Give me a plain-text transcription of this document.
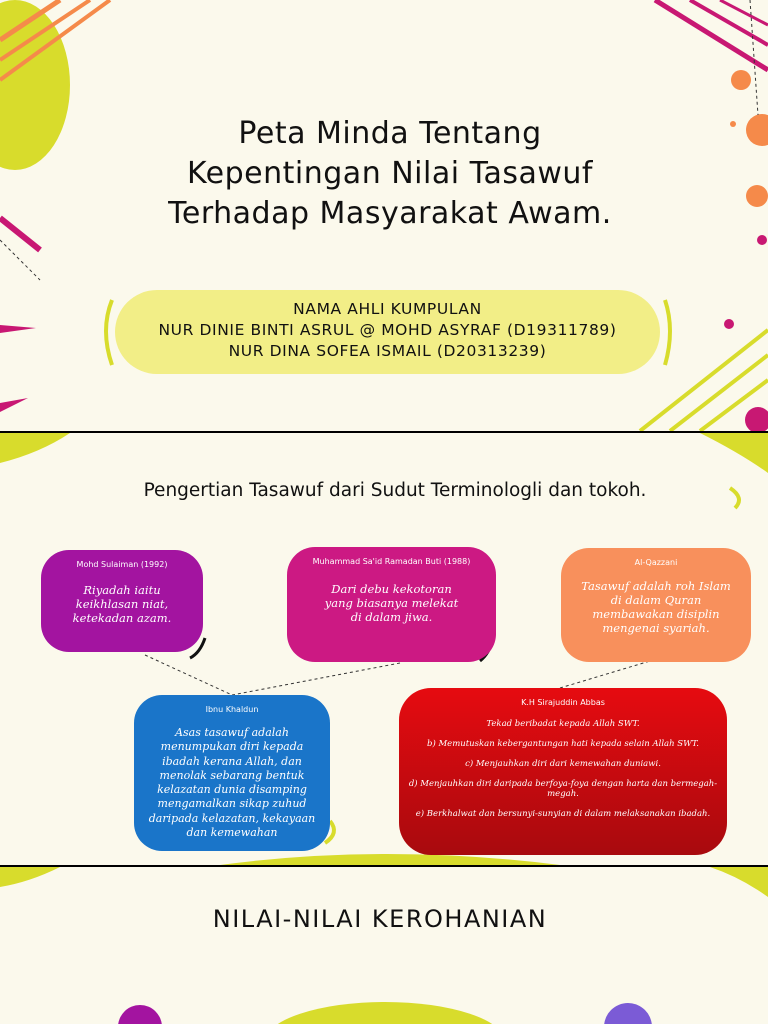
Peta Minda Tentang
Kepentingan Nilai Tasawuf
Terhadap Masyarakat Awam.
NAMA AHLI KUMPULAN
NUR DINIE BINTI ASRUL @ MOHD ASYRAF (D19311789)
NUR DINA SOFEA ISMAIL (D20313239)
Pengertian Tasawuf dari Sudut Terminologli dan tokoh.
Mohd Sulaiman (1992)
Riyadah iaitu
keikhlasan niat,
ketekadan azam.
Muhammad Sa'id Ramadan Buti (1988)
Dari debu kekotoran
yang biasanya melekat
di dalam jiwa.
Al-Qazzani
Tasawuf adalah roh Islam
di dalam Quran
membawakan disiplin
mengenai syariah.
Ibnu Khaldun
Asas tasawuf adalah
menumpukan diri kepada
ibadah kerana Allah, dan
menolak sebarang bentuk
kelazatan dunia disamping
mengamalkan sikap zuhud
daripada kelazatan, kekayaan
dan kemewahan
K.H Sirajuddin Abbas

Tekad beribadat kepada Allah SWT.

b) Memutuskan kebergantungan hati kepada selain Allah SWT.

c) Menjauhkan diri dari kemewahan duniawi.

d) Menjauhkan diri daripada berfoya-foya dengan harta dan bermegah-megah.

e) Berkhalwat dan bersunyi-sunyian di dalam melaksanakan ibadah.

NILAI-NILAI KEROHANIAN
